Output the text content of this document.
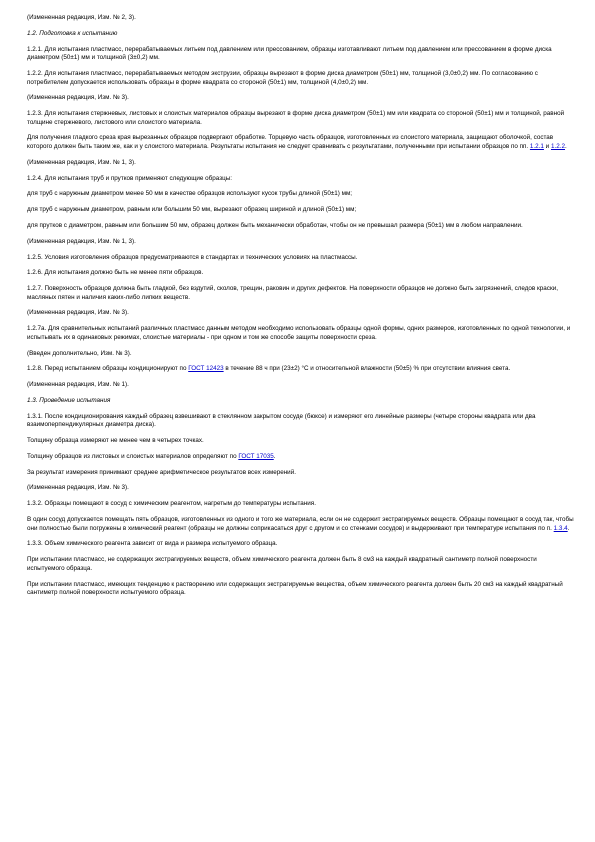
(Измененная редакция, Изм. № 2, 3).

1.2. Подготовка к испытанию

1.2.1. Для испытания пластмасс, перерабатываемых литьем под давлением или прессованием, образцы изготавливают литьем под давлением или прессованием в форме диска диаметром (50±1) мм и толщиной (3±0,2) мм.

1.2.2. Для испытания пластмасс, перерабатываемых методом экструзии, образцы вырезают в форме диска диаметром (50±1) мм, толщиной (3,0±0,2) мм. По согласованию с потребителем допускается использовать образцы в форме квадрата со стороной (50±1) мм, толщиной (4,0±0,2) мм.

(Измененная редакция, Изм. № 3).

1.2.3. Для испытания стержневых, листовых и слоистых материалов образцы вырезают в форме диска диаметром (50±1) мм или квадрата со стороной (50±1) мм и толщиной, равной толщине стержневого, листового или слоистого материала.

Для получения гладкого среза края вырезанных образцов подвергают обработке. Торцевую часть образцов, изготовленных из слоистого материала, защищают оболочкой, состав которого должен быть таким же, как и у слоистого материала. Результаты испытания не следует сравнивать с результатами, полученными при испытании образцов по пп. 1.2.1 и 1.2.2.

(Измененная редакция, Изм. № 1, 3).

1.2.4. Для испытания труб и прутков применяют следующие образцы:

для труб с наружным диаметром менее 50 мм в качестве образцов используют кусок трубы длиной (50±1) мм;

для труб с наружным диаметром, равным или большим 50 мм, вырезают образец шириной и длиной (50±1) мм;

для прутков с диаметром, равным или большим 50 мм, образец должен быть механически обработан, чтобы он не превышал размера (50±1) мм в любом направлении.

(Измененная редакция, Изм. № 1, 3).

1.2.5. Условия изготовления образцов предусматриваются в стандартах и технических условиях на пластмассы.

1.2.6. Для испытания должно быть не менее пяти образцов.

1.2.7. Поверхность образцов должна быть гладкой, без вздутий, сколов, трещин, раковин и других дефектов. На поверхности образцов не должно быть загрязнений, следов краски, масляных пятен и наличия каких-либо липких веществ.

(Измененная редакция, Изм. № 3).

1.2.7а. Для сравнительных испытаний различных пластмасс данным методом необходимо использовать образцы одной формы, одних размеров, изготовленных по одной технологии, и испытывать их в одинаковых режимах, слоистые материалы - при одном и том же способе защиты поверхности среза.

(Введен дополнительно, Изм. № 3).

1.2.8. Перед испытанием образцы кондиционируют по ГОСТ 12423 в течение 88 ч при (23±2) °С и относительной влажности (50±5) % при отсутствии влияния света.

(Измененная редакция, Изм. № 1).

1.3. Проведение испытания

1.3.1. После кондиционирования каждый образец взвешивают в стеклянном закрытом сосуде (бюксе) и измеряют его линейные размеры (четыре стороны квадрата или два взаимоперпендикулярных диаметра диска).

Толщину образца измеряют не менее чем в четырех точках.

Толщину образцов из листовых и слоистых материалов определяют по ГОСТ 17035.

За результат измерения принимают среднее арифметическое результатов всех измерений.

(Измененная редакция, Изм. № 3).

1.3.2. Образцы помещают в сосуд с химическим реагентом, нагретым до температуры испытания.

В один сосуд допускается помещать пять образцов, изготовленных из одного и того же материала, если он не содержит экстрагируемых веществ. Образцы помещают в сосуд так, чтобы они полностью были погружены в химический реагент (образцы не должны соприкасаться друг с другом и со стенками сосудов) и выдерживают при температуре испытания по п. 1.3.4.

1.3.3. Объем химического реагента зависит от вида и размера испытуемого образца.

При испытании пластмасс, не содержащих экстрагируемых веществ, объем химического реагента должен быть 8 см3 на каждый квадратный сантиметр полной поверхности испытуемого образца.

При испытании пластмасс, имеющих тенденцию к растворению или содержащих экстрагируемые вещества, объем химического реагента должен быть 20 см3 на каждый квадратный сантиметр полной поверхности испытуемого образца.
